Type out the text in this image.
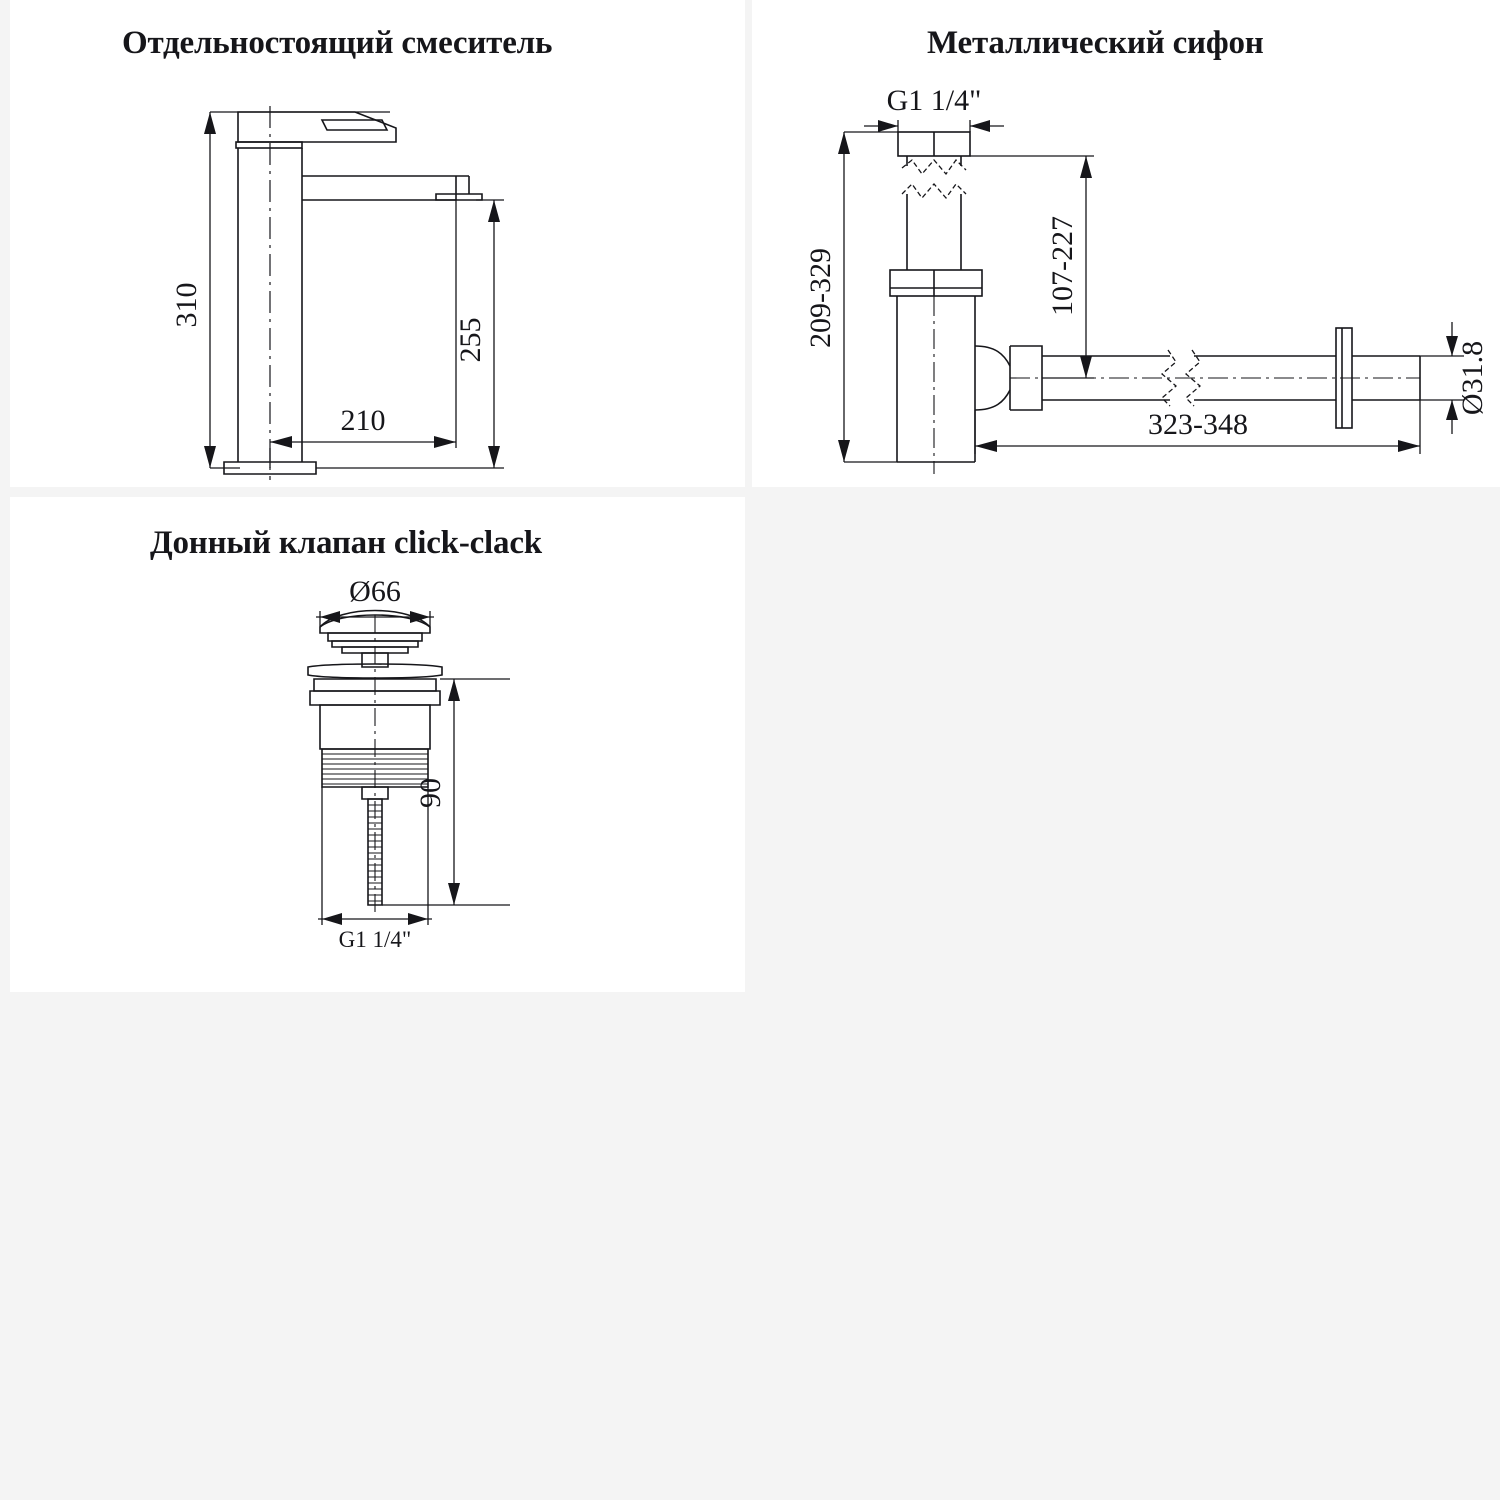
Отдельностоящий смеситель
310
255
210
Металлический сифон
G1 1/4"
209-329	107-227
323-348
Ø31.8
Донный клапан click-clack
Ø66
90
G1 1/4"
